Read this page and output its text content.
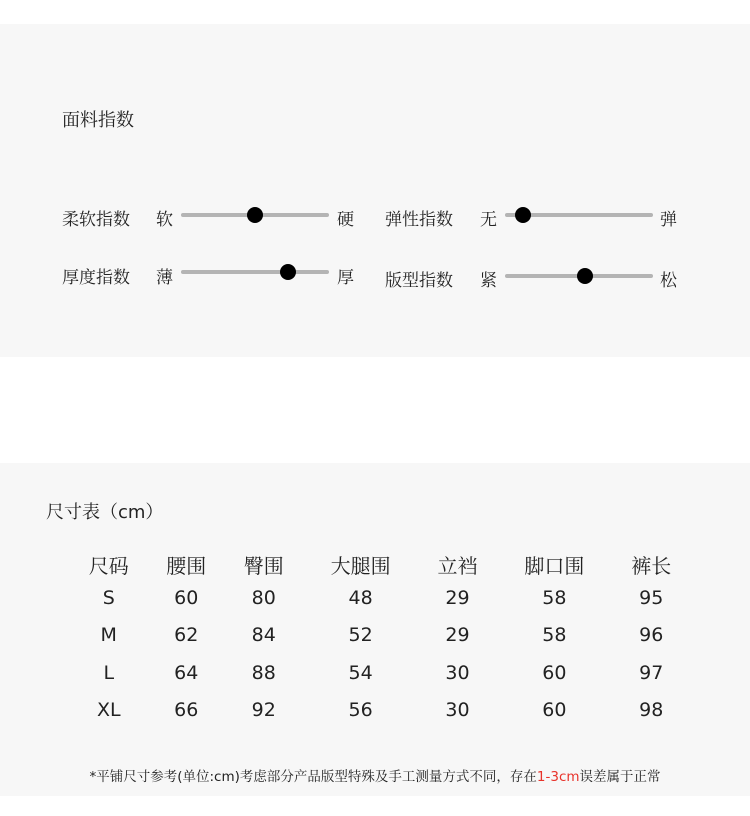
面料指数
柔软指数 软	硬 弹性指数 无	弹
厚度指数 薄	厚 版型指数 紧	松
尺寸表（cm）
尺码	腰围	臀围	大腿围	立裆	脚口围	裤长
S	60	80	48	29	58	95
M	62	84	52	29	58	96
L	64	88	54	30	60	97
XL	66	92	56	30	60	98
*平铺尺寸参考(单位:cm)考虑部分产品版型特殊及手工测量方式不同，存在1-3cm误差属于正常
